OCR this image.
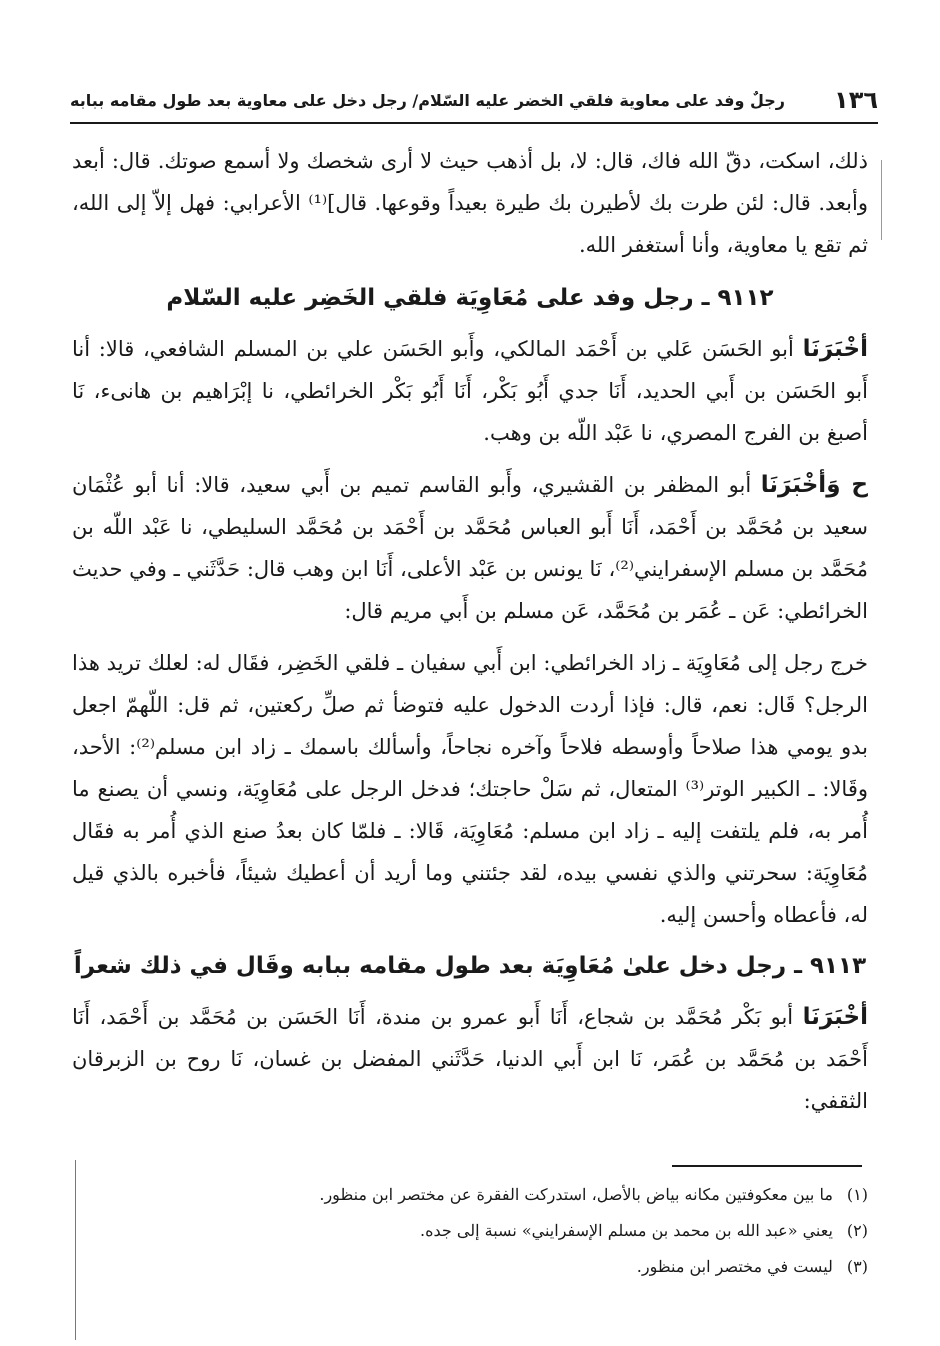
١٣٦
رجلٌ وفد على معاوية فلقي الخضر عليه السّلام/ رجل دخل على معاوية بعد طول مقامه ببابه

ذلك، اسكت، دقّ الله فاك، قال: لا، بل أذهب حيث لا أرى شخصك ولا أسمع صوتك. قال: أبعد وأبعد. قال: لئن طرت بك لأطيرن بك طيرة بعيداً وقوعها. قال]⁽¹⁾ الأعرابي: فهل إلاّ إلى الله، ثم تقع يا معاوية، وأنا أستغفر الله.

٩١١٢ ـ رجل وفد على مُعَاوِيَة فلقي الخَضِر عليه السّلام

أخْبَرَنَا أبو الحَسَن عَلي بن أَحْمَد المالكي، وأَبو الحَسَن علي بن المسلم الشافعي، قالا: أنا أَبو الحَسَن بن أَبي الحديد، أَنَا جدي أَبُو بَكْر، أَنَا أَبُو بَكْر الخرائطي، نا إبْرَاهيم بن هانىء، نَا أصبغ بن الفرج المصري، نا عَبْد اللّه بن وهب.

ح وَأخْبَرَنَا أبو المظفر بن القشيري، وأَبو القاسم تميم بن أَبي سعيد، قالا: أنا أبو عُثْمَان سعيد بن مُحَمَّد بن أَحْمَد، أَنَا أَبو العباس مُحَمَّد بن أَحْمَد بن مُحَمَّد السليطي، نا عَبْد اللّه بن مُحَمَّد بن مسلم الإسفرايني⁽²⁾، نَا يونس بن عَبْد الأعلى، أَنَا ابن وهب قال: حَدَّثَني ـ وفي حديث الخرائطي: عَن ـ عُمَر بن مُحَمَّد، عَن مسلم بن أَبي مريم قال:

خرج رجل إلى مُعَاوِيَة ـ زاد الخرائطي: ابن أَبي سفيان ـ فلقي الخَضِر، فقَال له: لعلك تريد هذا الرجل؟ قَال: نعم، قال: فإذا أردت الدخول عليه فتوضأ ثم صلِّ ركعتين، ثم قل: اللّهمّ اجعل بدو يومي هذا صلاحاً وأوسطه فلاحاً وآخره نجاحاً، وأسألك باسمك ـ زاد ابن مسلم⁽²⁾: الأحد، وقَالا: ـ الكبير الوتر⁽³⁾ المتعال، ثم سَلْ حاجتك؛ فدخل الرجل على مُعَاوِيَة، ونسي أن يصنع ما أُمر به، فلم يلتفت إليه ـ زاد ابن مسلم: مُعَاوِيَة، قَالا: ـ فلمّا كان بعدُ صنع الذي أُمر به فقَال مُعَاوِيَة: سحرتني والذي نفسي بيده، لقد جئتني وما أريد أن أعطيك شيئاً، فأخبره بالذي قيل له، فأعطاه وأحسن إليه.

٩١١٣ ـ رجل دخل علىٰ مُعَاوِيَة بعد طول مقامه ببابه وقَال في ذلك شعراً

أخْبَرَنَا أبو بَكْر مُحَمَّد بن شجاع، أَنَا أَبو عمرو بن مندة، أَنَا الحَسَن بن مُحَمَّد بن أَحْمَد، أَنَا أَحْمَد بن مُحَمَّد بن عُمَر، نَا ابن أَبي الدنيا، حَدَّثَني المفضل بن غسان، نَا روح بن الزبرقان الثقفي:

(١)ما بين معكوفتين مكانه بياض بالأصل، استدركت الفقرة عن مختصر ابن منظور.

(٢)يعني «عبد الله بن محمد بن مسلم الإسفرايني» نسبة إلى جده.

(٣)ليست في مختصر ابن منظور.
